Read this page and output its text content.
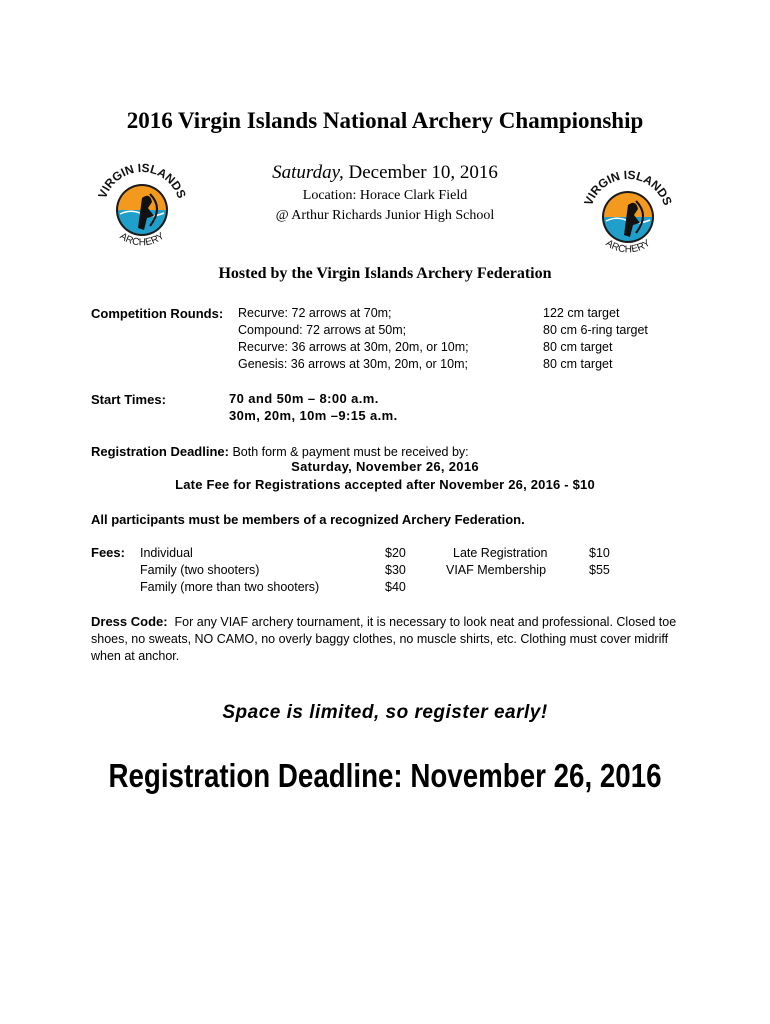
2016 Virgin Islands National Archery Championship
Saturday, December 10, 2016
Location: Horace Clark Field
@ Arthur Richards Junior High School
VIRGIN ISLANDS
ARCHERY
VIRGIN ISLANDS
ARCHERY
Hosted by the Virgin Islands Archery Federation
Competition Rounds: Recurve: 72 arrows at 70m;
Compound: 72 arrows at 50m;
Recurve: 36 arrows at 30m, 20m, or 10m;
Genesis: 36 arrows at 30m, 20m, or 10m;
122 cm target
80 cm 6-ring target
80 cm target
80 cm target
Start Times:	70 and 50m – 8:00 a.m.
30m, 20m, 10m –9:15 a.m.
Registration Deadline: Both form & payment must be received by:
Saturday, November 26, 2016
Late Fee for Registrations accepted after November 26, 2016 - $10
All participants must be members of a recognized Archery Federation.
Fees: Individual
Family (two shooters)
Family (more than two shooters)
$20
$30
$40
Late Registration
VIAF Membership
$10
$55
Dress Code:  For any VIAF archery tournament, it is necessary to look neat and professional. Closed toe shoes, no sweats, NO CAMO, no overly baggy clothes, no muscle shirts, etc. Clothing must cover midriff when at anchor.
Space is limited, so register early!
Registration Deadline: November 26, 2016
